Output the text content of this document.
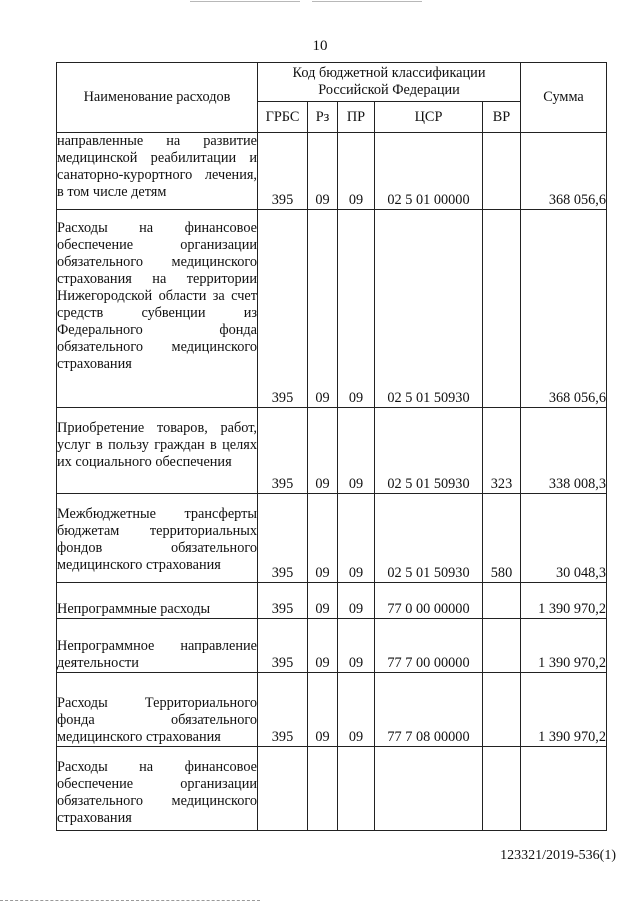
10
Наименование расходов	Код бюджетной классификации Российской Федерации					Сумма
	ГРБС	Рз	ПР	ЦСР	ВР	
направленные на развитие медицинской реабилитации и санаторно-курортного лечения, в том числе детям	395	09	09	02 5 01 00000		368 056,6
Расходы на финансовое обеспечение организации обязательного медицинского страхования на территории Нижегородской области за счет средств субвенции из Федерального фонда обязательного медицинского страхования	395	09	09	02 5 01 50930		368 056,6
Приобретение товаров, работ, услуг в пользу граждан в целях их социального обеспечения	395	09	09	02 5 01 50930	323	338 008,3
Межбюджетные трансферты бюджетам территориальных фондов обязательного медицинского страхования	395	09	09	02 5 01 50930	580	30 048,3
Непрограммные расходы	395	09	09	77 0 00 00000		1 390 970,2
Непрограммное направление деятельности	395	09	09	77 7 00 00000		1 390 970,2
Расходы Территориального фонда обязательного медицинского страхования	395	09	09	77 7 08 00000		1 390 970,2
Расходы на финансовое обеспечение организации обязательного медицинского страхования						
123321/2019-536(1)
